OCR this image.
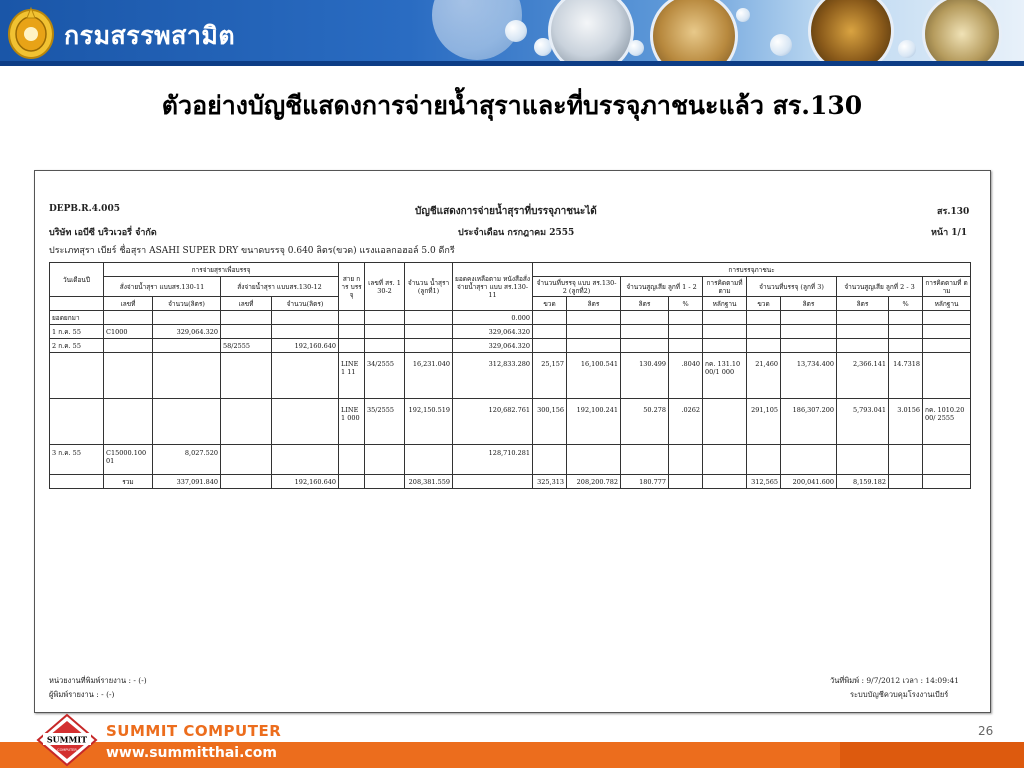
กรมสรรพสามิต
ตัวอย่างบัญชีแสดงการจ่ายน้ำสุราและที่บรรจุภาชนะแล้ว สร.130
DEPB.R.4.005	บัญชีแสดงการจ่ายน้ำสุราที่บรรจุภาชนะได้	สร.130
บริษัท เอบีซี บริวเวอรี่ จำกัด	ประจำเดือน กรกฎาคม 2555	หน้า 1/1
ประเภทสุรา เบียร์ ชื่อสุรา ASAHI SUPER DRY ขนาดบรรจุ 0.640 ลิตร(ขวด) แรงแอลกอฮอล์ 5.0 ดีกรี
วันเดือนปี	การจ่ายสุราเพื่อบรรจุ				สาย การ บรรจุ	เลขที่ สร. 130-2	จำนวน น้ำสุรา (ลูกที่1)	ยอดคงเหลือตาม หนังสือสั่งจ่ายน้ำสุรา แบบ สร.130-11	การบรรจุภาชนะ									
	สั่งจ่ายน้ำสุรา แบบสร.130-11		สั่งจ่ายน้ำสุรา แบบสร.130-12						จำนวนที่บรรจุ แบบ สร.130-2 (ลูกที่2)		จำนวนสูญเสีย ลูกที่ 1 - 2		การคิดตามที่ ตาม	จำนวนที่บรรจุ (ลูกที่ 3)		จำนวนสูญเสีย ลูกที่ 2 - 3		การคิดตามที่ ตาม
	เลขที่	จำนวน(ลิตร)	เลขที่	จำนวน(ลิตร)					ขวด	ลิตร	ลิตร	%	หลักฐาน	ขวด	ลิตร	ลิตร	%	หลักฐาน
ยอดยกมา								0.000										
1 ก.ค. 55	C1000	329,064.320						329,064.320										
2 ก.ค. 55			58/2555	192,160.640				329,064.320										
					LINE1 11	34/2555	16,231.040	312,833.280	25,157	16,100.541	130.499	.8040	กค. 131.1000/1 000	21,460	13,734.400	2,366.141	14.7318	
					LINE1 000	35/2555	192,150.519	120,682.761	300,156	192,100.241	50.278	.0262		291,105	186,307.200	5,793.041	3.0156	กค. 1010.2000/ 2555
3 ก.ค. 55	C15000.100 01	8,027.520						128,710.281										
	รวม	337,091.840		192,160.640			208,381.559		325,313	208,200.782	180.777			312,565	200,041.600	8,159.182		
หน่วยงานที่พิมพ์รายงาน : - (-)
ผู้พิมพ์รายงาน : - (-)
วันที่พิมพ์ : 9/7/2012 เวลา : 14:09:41
ระบบบัญชีควบคุมโรงงานเบียร์
SUMMIT
COMPUTER
SUMMIT COMPUTER
www.summitthai.com
26
